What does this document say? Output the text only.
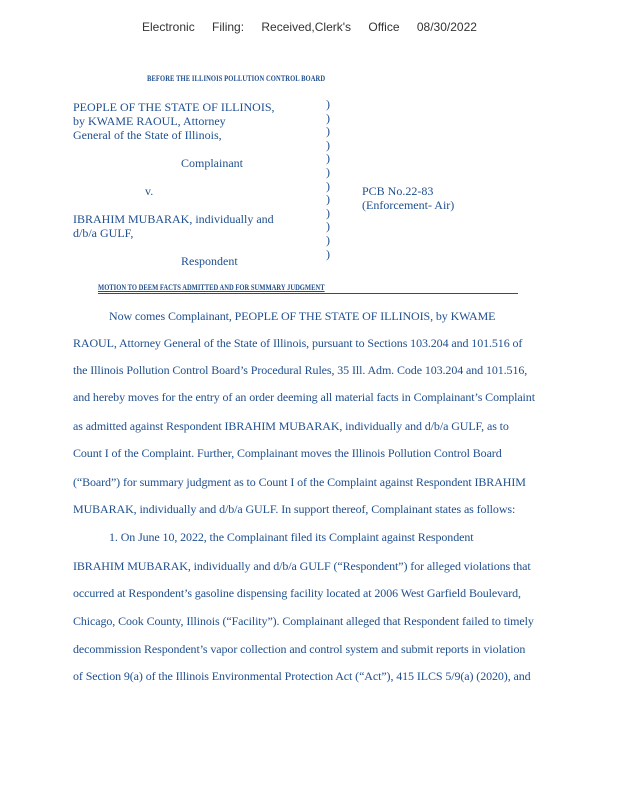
Electronic Filing: Received,Clerk's Office 08/30/2022
BEFORE THE ILLINOIS POLLUTION CONTROL BOARD
PEOPLE OF THE STATE OF ILLINOIS,
by KWAME RAOUL, Attorney
General of the State of Illinois,
Complainant
v.
IBRAHIM MUBARAK, individually and
d/b/a GULF,
Respondent
)
)
)
)
)
)
)
)
)
)
)
)
PCB No.22-83
(Enforcement- Air)
MOTION TO DEEM FACTS ADMITTED AND FOR SUMMARY JUDGMENT
Now comes Complainant, PEOPLE OF THE STATE OF ILLINOIS, by KWAME
RAOUL, Attorney General of the State of Illinois, pursuant to Sections 103.204 and 101.516 of
the Illinois Pollution Control Board’s Procedural Rules, 35 Ill. Adm. Code 103.204 and 101.516,
and hereby moves for the entry of an order deeming all material facts in Complainant’s Complaint
as admitted against Respondent IBRAHIM MUBARAK, individually and d/b/a GULF, as to
Count I of the Complaint. Further, Complainant moves the Illinois Pollution Control Board
(“Board”) for summary judgment as to Count I of the Complaint against Respondent IBRAHIM
MUBARAK, individually and d/b/a GULF. In support thereof, Complainant states as follows:
1. On June 10, 2022, the Complainant filed its Complaint against Respondent
IBRAHIM MUBARAK, individually and d/b/a GULF (“Respondent”) for alleged violations that
occurred at Respondent’s gasoline dispensing facility located at 2006 West Garfield Boulevard,
Chicago, Cook County, Illinois (“Facility”). Complainant alleged that Respondent failed to timely
decommission Respondent’s vapor collection and control system and submit reports in violation
of Section 9(a) of the Illinois Environmental Protection Act (“Act”), 415 ILCS 5/9(a) (2020), and
